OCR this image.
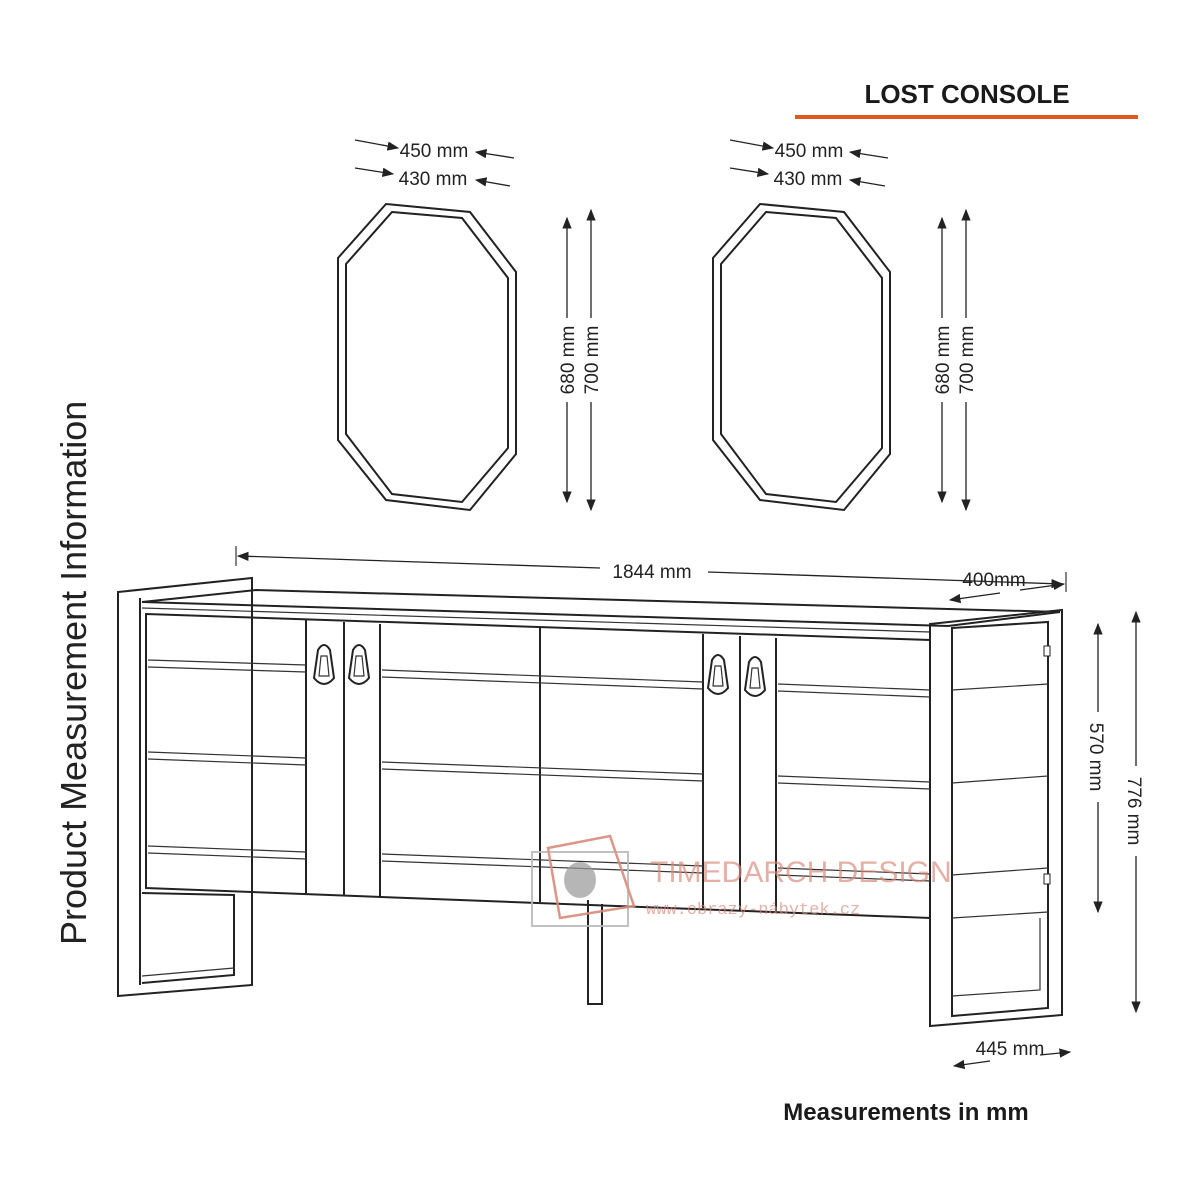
LOST CONSOLE
Product Measurement Information
450 mm
430 mm
680 mm 700 mm
450 mm
430 mm
680 mm 700 mm
1844 mm	400mm
570 mm
776 mm
445 mm
TIMEDARCH DESIGN
www.obrazy-nábytek.cz
Measurements in mm
